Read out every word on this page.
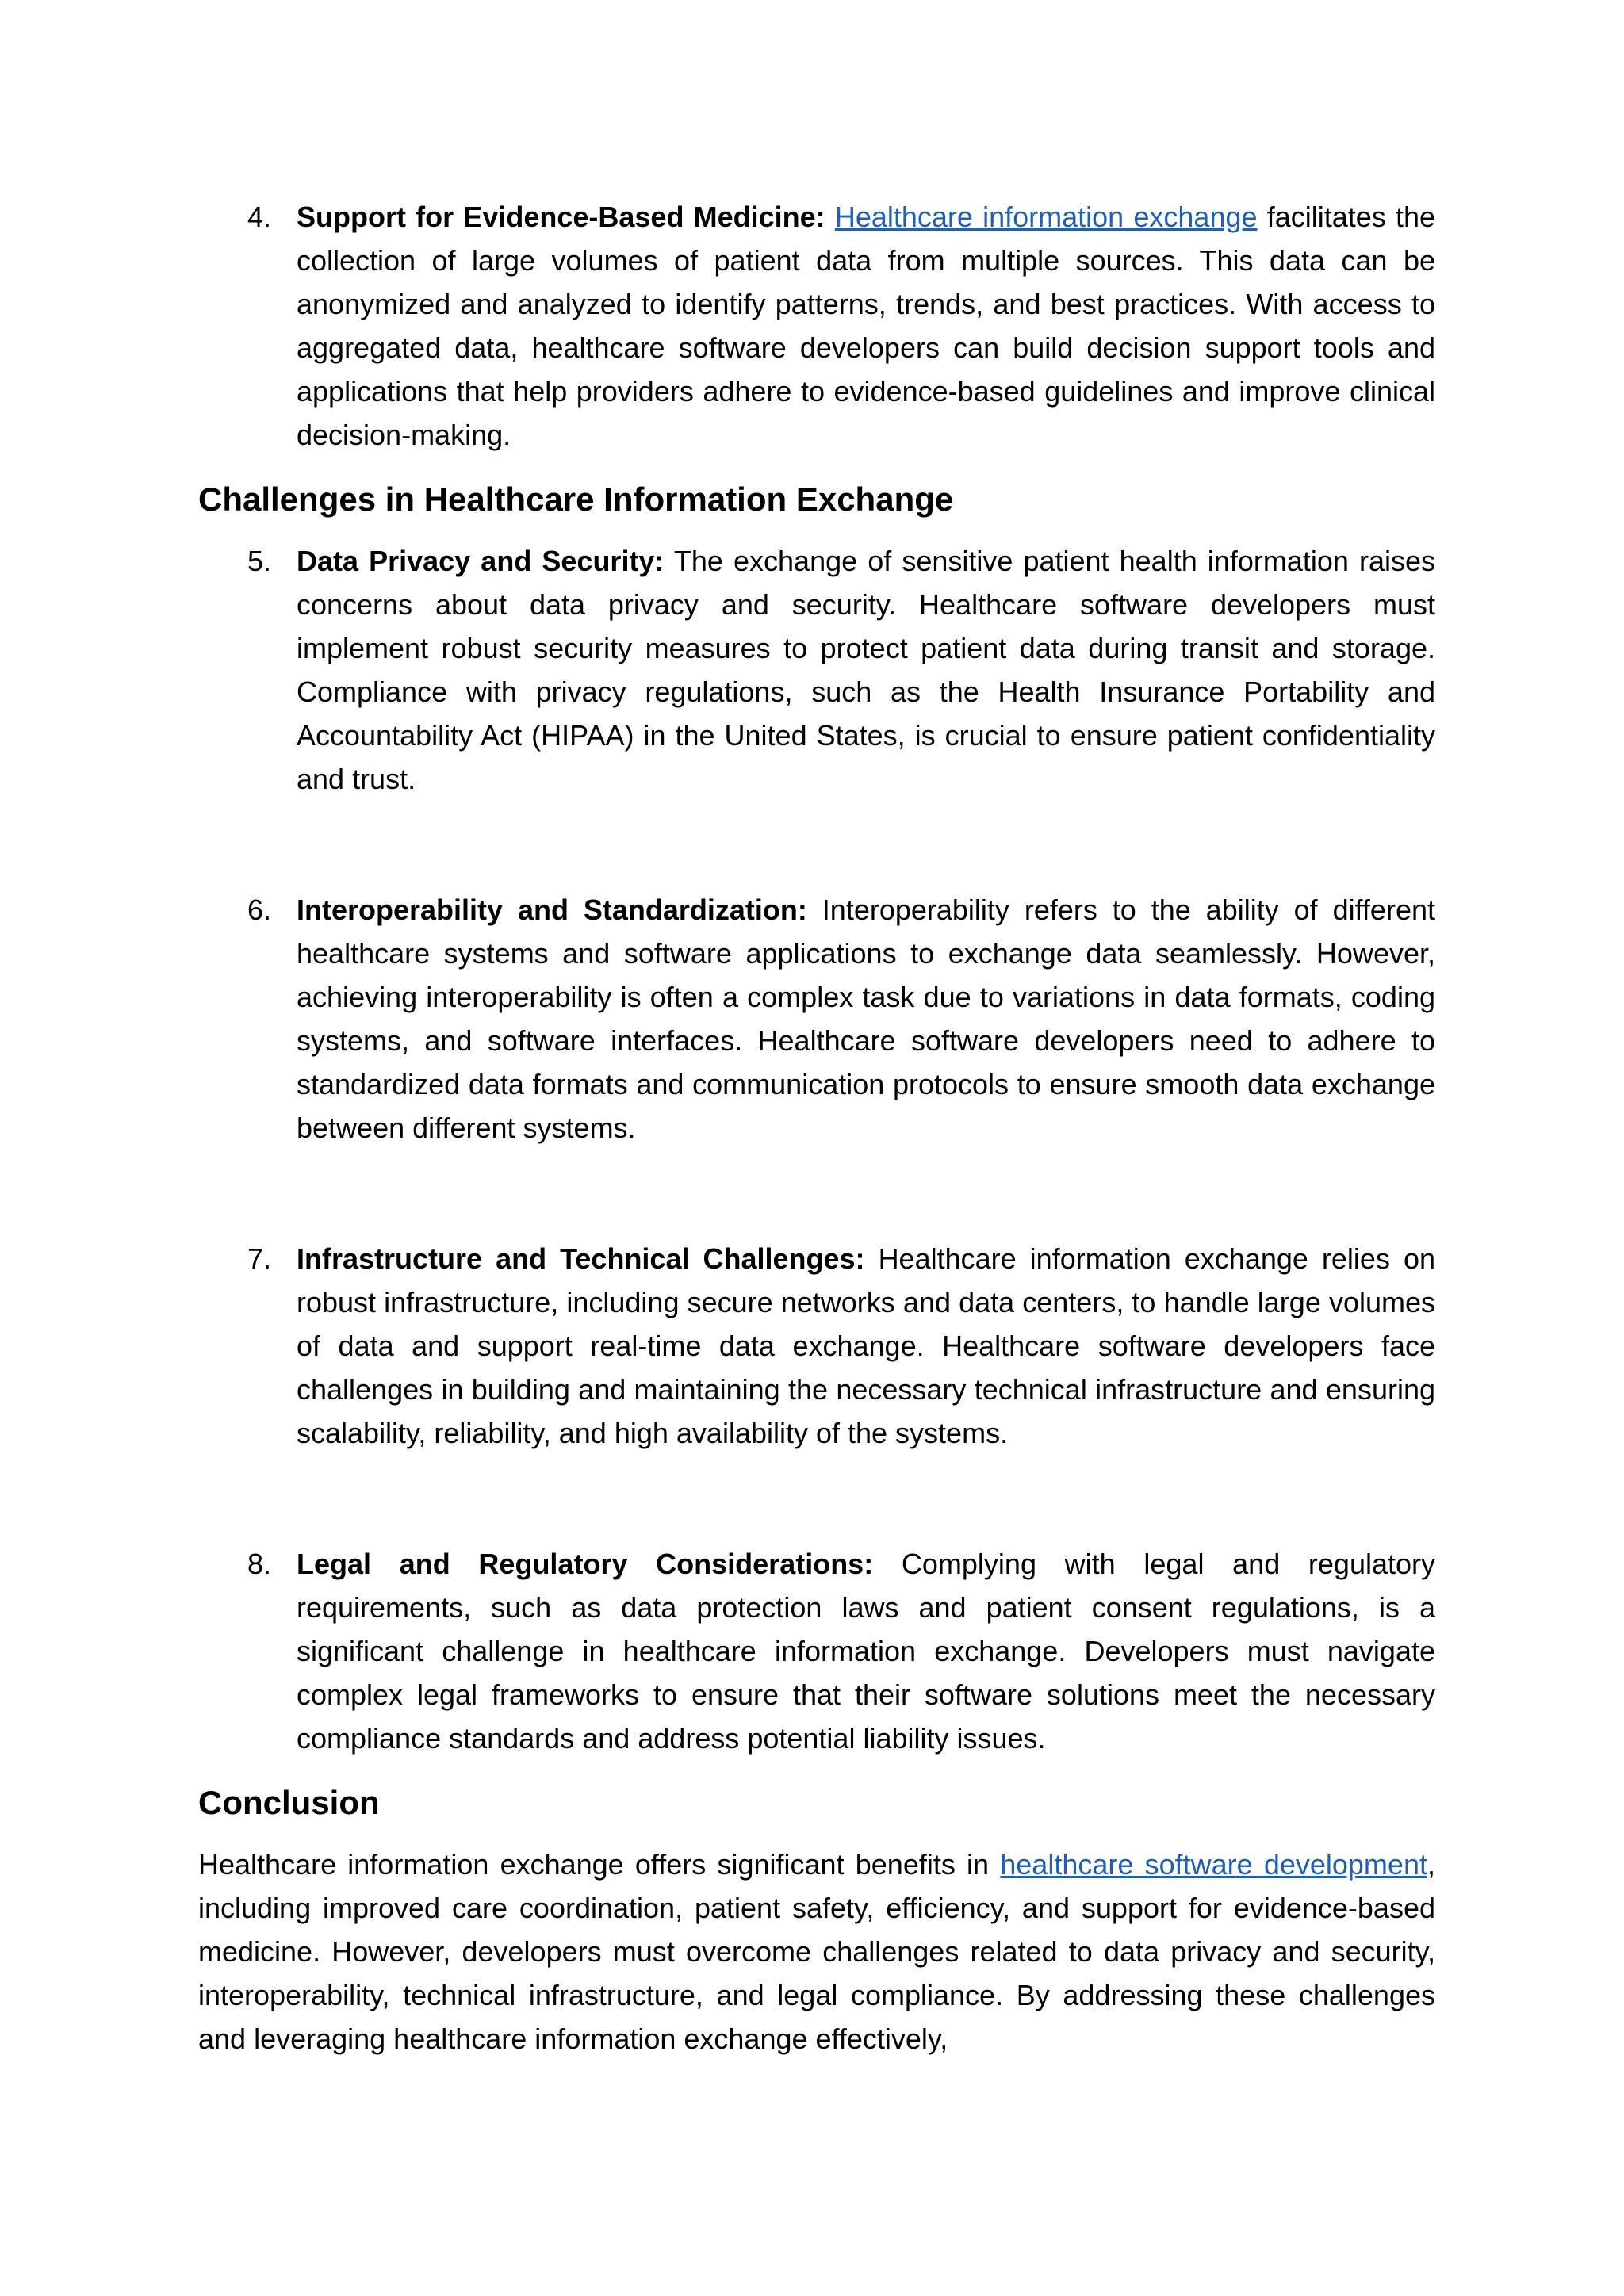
4. Support for Evidence-Based Medicine: Healthcare information exchange facilitates the collection of large volumes of patient data from multiple sources. This data can be anonymized and analyzed to identify patterns, trends, and best practices. With access to aggregated data, healthcare software developers can build decision support tools and applications that help providers adhere to evidence-based guidelines and improve clinical decision-making.
Challenges in Healthcare Information Exchange
5. Data Privacy and Security: The exchange of sensitive patient health information raises concerns about data privacy and security. Healthcare software developers must implement robust security measures to protect patient data during transit and storage. Compliance with privacy regulations, such as the Health Insurance Portability and Accountability Act (HIPAA) in the United States, is crucial to ensure patient confidentiality and trust.
6. Interoperability and Standardization: Interoperability refers to the ability of different healthcare systems and software applications to exchange data seamlessly. However, achieving interoperability is often a complex task due to variations in data formats, coding systems, and software interfaces. Healthcare software developers need to adhere to standardized data formats and communication protocols to ensure smooth data exchange between different systems.
7. Infrastructure and Technical Challenges: Healthcare information exchange relies on robust infrastructure, including secure networks and data centers, to handle large volumes of data and support real-time data exchange. Healthcare software developers face challenges in building and maintaining the necessary technical infrastructure and ensuring scalability, reliability, and high availability of the systems.
8. Legal and Regulatory Considerations: Complying with legal and regulatory requirements, such as data protection laws and patient consent regulations, is a significant challenge in healthcare information exchange. Developers must navigate complex legal frameworks to ensure that their software solutions meet the necessary compliance standards and address potential liability issues.
Conclusion
Healthcare information exchange offers significant benefits in healthcare software development, including improved care coordination, patient safety, efficiency, and support for evidence-based medicine. However, developers must overcome challenges related to data privacy and security, interoperability, technical infrastructure, and legal compliance. By addressing these challenges and leveraging healthcare information exchange effectively,
